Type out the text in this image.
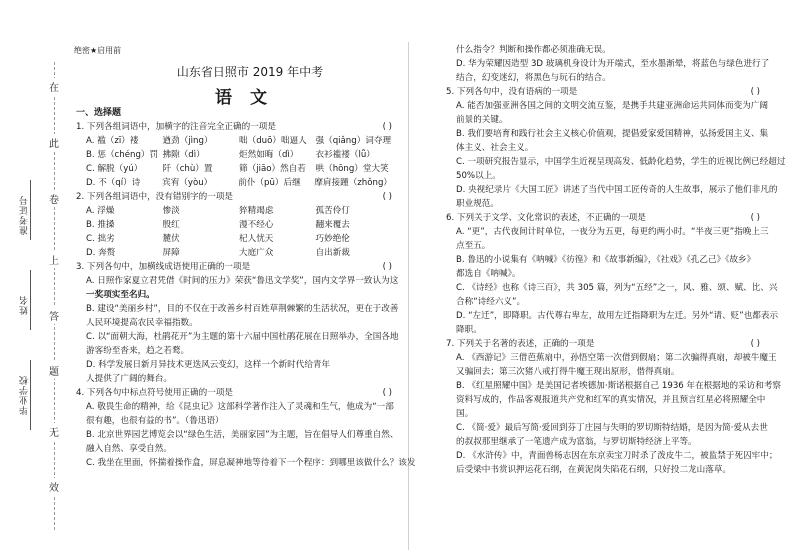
在
此
卷
上
答
题
无
效
准考证号
姓名
毕业学校
绝密★启用前
山东省日照市 2019 年中考
语文
一、选择题
1. 下列各组词语中，加横字的注音完全正确的一项是	( )
A. 褴（zī）褛	遒劲（jìng）	咄（duō）咄逼人	强（qiǎng）词夺理
B. 惩（chéng）罚 拂隙（dì）	炬然如晦（dì）	衣衫褴褛（lǚ）
C. 解脱（yú）	阡（chù）置	筛（jiāo）然自若	哄（hōng）堂大笑
D. 不（qí）诗	宾宥（yòu）	前仆（pū）后继	摩肩接踵（zhǒng）
2. 下列各组词语中，没有错别字的一项是	( )
A. 浮燥	惨淡	猝精竭虑	孤苦伶仃
B. 推搡	殷红	漫不经心	翻来覆去
C. 拙劣	麓伏	杞人忧天	巧妙绝伦
D. 奔赘	屏障	大庭广众	自出新裁
3. 下列各句中，加横线成语使用正确的一项是	( )
A. 日照作家夏立君凭借《时间的压力》荣获“鲁迅文学奖”，国内文学界一致认为这
一奖项实至名归。
B. 建设“美丽乡村”，目的不仅在于改善乡村百姓草荆棘繁的生活状况，更在于改善
人民环境提高农民幸福指数。
C. 以“面朝大海，杜鹃花开”为主题的第十六届中国杜鹃花展在日照举办，全国各地
游客纷至沓来，趋之若鹜。
D. 科学发展日新月异技术更迭风云变幻，这样一个新时代给青年
人提供了广阔的舞台。
4. 下列各句中标点符号使用正确的一项是	( )
A. 敬畏生命的精神，给《昆虫记》这部科学著作注入了灵魂和生气，他成为“一部
很有趣，也很有益的书”。（鲁迅语）
B. 北京世界园艺博览会以“绿色生活，美丽家园”为主题，旨在倡导人们尊重自然、
融入自然、享受自然。
C. 我坐在里面，怀揣着操作盒，屏息凝神地等待着下一个程序：到哪里该做什么？该发
什么指令？判断和操作都必须准确无误。
D. 华为荣耀因造型 3D 玻璃机身设计为开端式，至水墨渐晕，将蓝色与绿色进行了
结合，幻变迷幻，将黑色与玩石的结合。
5. 下列各句中，没有语病的一项是	( )
A. 能否加强亚洲各国之间的文明交流互鉴，是携手共建亚洲命运共同体而变为广阔
前景的关键。
B. 我们要培育和践行社会主义核心价值观，提倡爱家爱国精神，弘扬爱国主义、集
体主义、社会主义。
C. 一项研究报告显示，中国学生近视呈现高发、低龄化趋势，学生的近视比例已经超过
50%以上。
D. 央视纪录片《大国工匠》讲述了当代中国工匠传奇的人生故事，展示了他们非凡的
职业规范。
6. 下列关于文学、文化常识的表述，不正确的一项是	( )
A. “更”，古代夜间计时单位，一夜分为五更，每更约两小时。“半夜三更”指晚上三
点至五。
B. 鲁迅的小说集有《呐喊》《彷徨》和《故事新编》，《社戏》《孔乙己》《故乡》
都选自《呐喊》。
C. 《诗经》也称《诗三百》，共 305 篇，列为“五经”之一，风、雅、颂、赋、比、兴
合称“诗经六义”。
D. “左迁”，即降职。古代尊右卑左，故用左迁指降职为左迁。另外“请、贬”也都表示
降职。
7. 下列关于名著的表述，正确的一项是	( )
A. 《西游记》三借芭蕉扇中，孙悟空第一次借到假扇；第二次骗得真扇，却被牛魔王
又骗回去；第三次猪八戒打得牛魔王现出原形，借得真扇。
B. 《红星照耀中国》是美国记者埃德加·斯诺根据自己 1936 年在根据地的采访和考察
资料写成的，作品客观报道共产党和红军的真实情况，并且预言红星必将照耀全中
国。
C. 《简·爱》最后写简·爱回到芬丁庄园与失明的罗切斯特结婚，是因为简·爱从去世
的叔叔那里继承了一笔遗产成为富翁，与罗切斯特经济上平等。
D. 《水浒传》中，青面兽杨志因在东京卖宝刀时杀了泼皮牛二，被监禁于死囚牢中；
后受梁中书赏识押运花石纲，在黄泥岗失陷花石纲，只好投二龙山落草。
